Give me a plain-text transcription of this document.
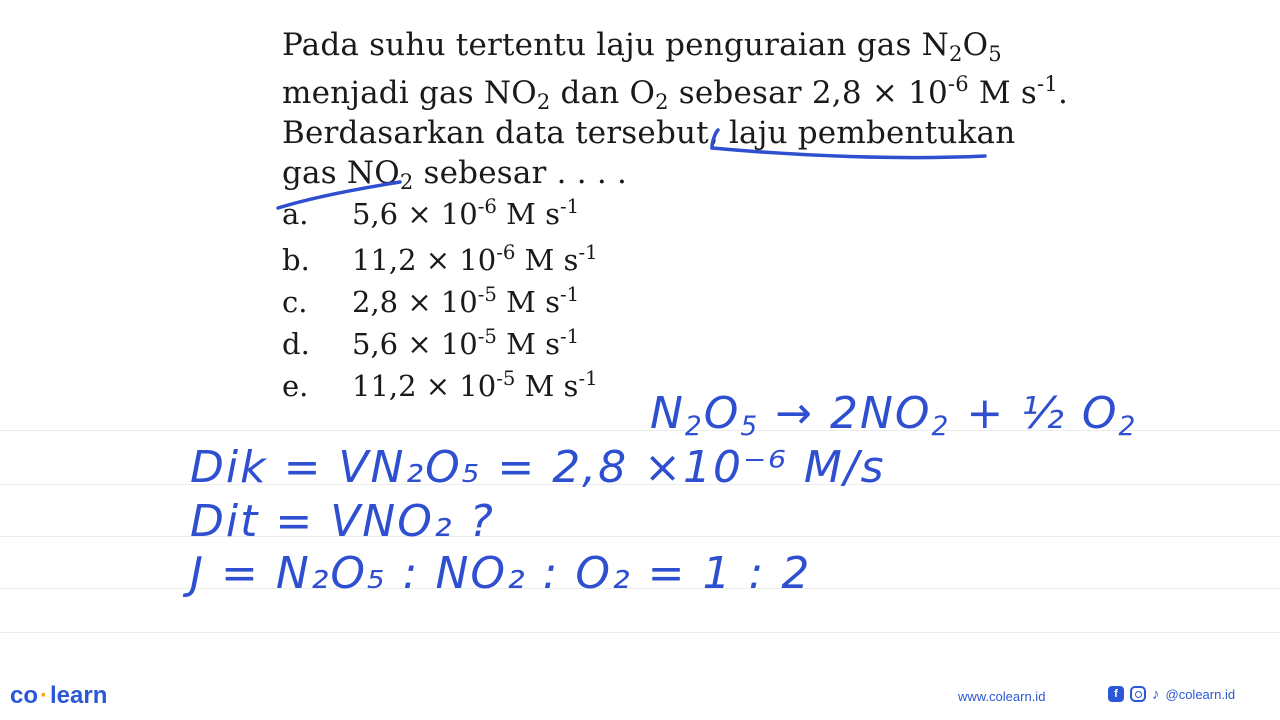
Pada suhu tertentu laju penguraian gas $N_2O_5$
menjadi gas $NO_2$ dan $O_2$ sebesar $2,8 \times 10^{-6}$ M $s^{-1}$.
Berdasarkan data tersebut, laju pembentukan
gas $NO_2$ sebesar . . . .
a. $5,6 \times 10^{-6}$ M $s^{-1}$
b. $11,2 \times 10^{-6}$ M $s^{-1}$
c. $2,8 \times 10^{-5}$ M $s^{-1}$
d. $5,6 \times 10^{-5}$ M $s^{-1}$
e. $11,2 \times 10^{-5}$ M $s^{-1}$
$N_2O_5 \to 2NO_2$ + ½ $O_2$
Dik = VN₂O₅ = 2,8 ×10⁻⁶ M/s
Dit = VNO₂ ?
J = N₂O₅ : NO₂ : O₂ = 1 : 2
co·learn	www.colearn.id	f	♪ @colearn.id
